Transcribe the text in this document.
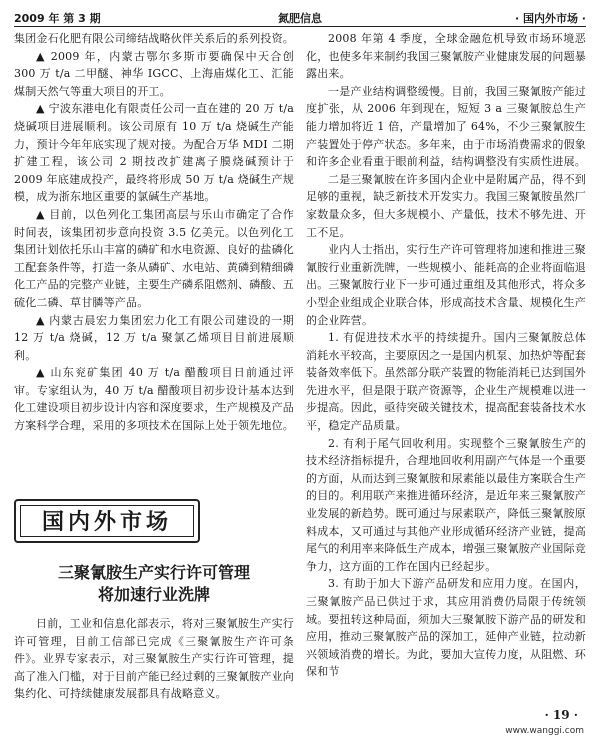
2009 年 第 3 期	氮肥信息	· 国内外市场 ·

集团金石化肥有限公司缔结战略伙伴关系后的系列投资。

▲ 2009 年，内蒙古鄂尔多斯市要确保中天合创 300 万 t/a 二甲醚、神华 IGCC、上海庙煤化工、汇能煤制天然气等重大项目的开工。

▲ 宁波东港电化有限责任公司一直在建的 20 万 t/a 烧碱项目进展顺利。该公司原有 10 万 t/a 烧碱生产能力，预计今年年底实现了规对接。为配合万华 MDI 二期扩建工程，该公司 2 期技改扩建离子膜烧碱预计于 2009 年底建成投产，最终将形成 50 万 t/a 烧碱生产规模，成为浙东地区重要的氯碱生产基地。

▲ 目前，以色列化工集团高层与乐山市确定了合作时间表，该集团初步意向投资 3.5 亿美元。以色列化工集团计划依托乐山丰富的磷矿和水电资源、良好的盐磷化工配套条件等，打造一条从磷矿、水电站、黄磷到精细磷化工产品的完整产业链，主要生产磷系阻燃剂、磷酸、五硫化二磷、草甘膦等产品。

▲ 内蒙古晨宏力集团宏力化工有限公司建设的一期 12 万 t/a 烧碱，12 万 t/a 聚氯乙烯项目目前进展顺利。

▲ 山东兖矿集团 40 万 t/a 醋酸项目日前通过评审。专家组认为，40 万 t/a 醋酸项目初步设计基本达到化工建设项目初步设计内容和深度要求，生产规模及产品方案科学合理，采用的多项技术在国际上处于领先地位。

国内外市场
三聚氰胺生产实行许可管理
将加速行业洗牌

日前，工业和信息化部表示，将对三聚氰胺生产实行许可管理，目前工信部已完成《三聚氰胺生产许可条件》。业界专家表示，对三聚氰胺生产实行许可管理，提高了准入门槛，对于目前产能已经过剩的三聚氰胺产业向集约化、可持续健康发展都具有战略意义。

2008 年第 4 季度，全球金融危机导致市场环境恶化，也使多年来制约我国三聚氰胺产业健康发展的问题暴露出来。

一是产业结构调整缓慢。目前，我国三聚氰胺产能过度扩张，从 2006 年到现在，短短 3 a 三聚氰胺总生产能力增加将近 1 倍，产量增加了 64%，不少三聚氰胺生产装置处于停产状态。多年来，由于市场消费需求的假象和许多企业看重于眼前利益，结构调整没有实质性进展。

二是三聚氰胺在许多国内企业中是附属产品，得不到足够的重视，缺乏新技术开发实力。我国三聚氰胺虽然厂家数量众多，但大多规模小、产量低，技术不够先进、开工不足。

业内人士指出，实行生产许可管理将加速和推进三聚氰胺行业重新洗牌，一些规模小、能耗高的企业将面临退出。三聚氰胺行业下一步可通过重组及其他形式，将众多小型企业组成企业联合体，形成高技术含量、规模化生产的企业阵营。

1. 有促进技术水平的持续提升。国内三聚氰胺总体消耗水平较高，主要原因之一是国内机泵、加热炉等配套装备效率低下。虽然部分联产装置的物能消耗已达到国外先进水平，但是限于联产资源等，企业生产规模难以进一步提高。因此，亟待突破关键技术，提高配套装备技术水平，稳定产品质量。

2. 有利于尾气回收利用。实现整个三聚氰胺生产的技术经济指标提升，合理地回收利用副产气体是一个重要的方面，从而达到三聚氰胺和尿素能以最佳方案联合生产的目的。利用联产来推进循环经济，是近年来三聚氰胺产业发展的新趋势。既可通过与尿素联产，降低三聚氰胺原料成本，又可通过与其他产业形成循环经济产业链，提高尾气的利用率来降低生产成本，增强三聚氰胺产业国际竞争力，这方面的工作在国内已经起步。

3. 有助于加大下游产品研发和应用力度。在国内，三聚氰胺产品已供过于求，其应用消费仍局限于传统领域。要扭转这种局面，须加大三聚氰胺下游产品的研发和应用，推动三聚氰胺产品的深加工，延伸产业链，拉动新兴领域消费的增长。为此，要加大宣传力度，从阻燃、环保和节

· 19 ·
www.wanggi.com
